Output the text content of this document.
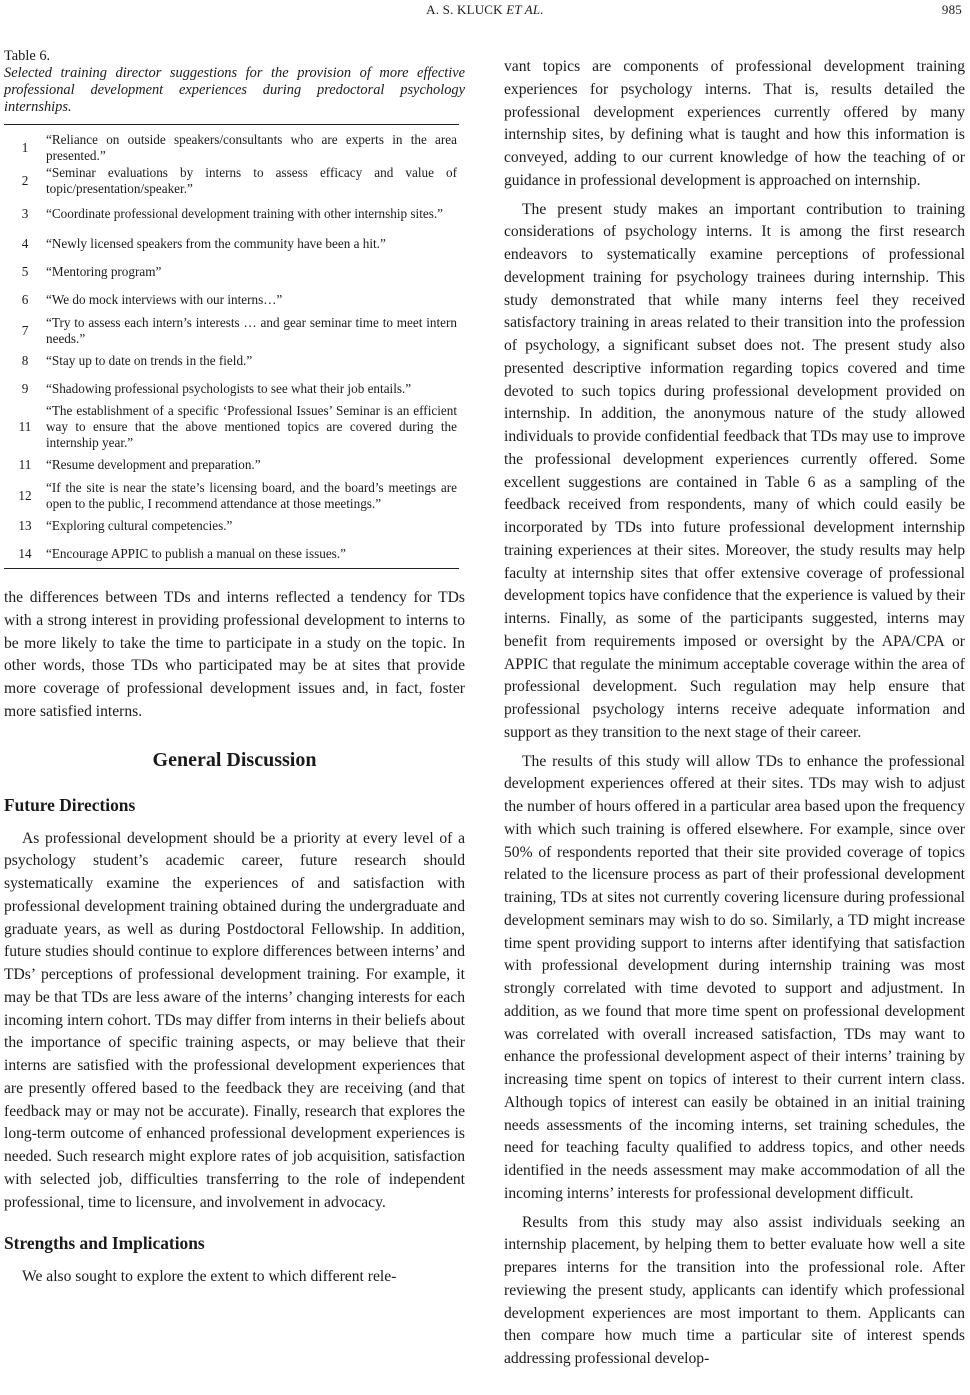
A. S. KLUCK ET AL.	985
Table 6.
Selected training director suggestions for the provision of more effective professional development experiences during predoctoral psychology internships.
1	“Reliance on outside speakers/consultants who are experts in the area presented.”
2	“Seminar evaluations by interns to assess efficacy and value of topic/presentation/speaker.”
3	“Coordinate professional development training with other internship sites.”
4	“Newly licensed speakers from the community have been a hit.”
5	“Mentoring program”
6	“We do mock interviews with our interns…”
7	“Try to assess each intern’s interests … and gear seminar time to meet intern needs.”
8	“Stay up to date on trends in the field.”
9	“Shadowing professional psychologists to see what their job entails.”
11	“The establishment of a specific ‘Professional Issues’ Seminar is an efficient way to ensure that the above mentioned topics are covered during the internship year.”
11	“Resume development and preparation.”
12	“If the site is near the state’s licensing board, and the board’s meetings are open to the public, I recommend attendance at those meetings.”
13	“Exploring cultural competencies.”
14	“Encourage APPIC to publish a manual on these issues.”

the differences between TDs and interns reflected a tendency for TDs with a strong interest in providing professional development to interns to be more likely to take the time to participate in a study on the topic. In other words, those TDs who participated may be at sites that provide more coverage of professional development issues and, in fact, foster more satisfied interns.

General Discussion
Future Directions

As professional development should be a priority at every level of a psychology student’s academic career, future research should systematically examine the experiences of and satisfaction with professional development training obtained during the undergraduate and graduate years, as well as during Postdoctoral Fellowship. In addition, future studies should continue to explore differences between interns’ and TDs’ perceptions of professional development training. For example, it may be that TDs are less aware of the interns’ changing interests for each incoming intern cohort. TDs may differ from interns in their beliefs about the importance of specific training aspects, or may believe that their interns are satisfied with the professional development experiences that are presently offered based to the feedback they are receiving (and that feedback may or may not be accurate). Finally, research that explores the long-term outcome of enhanced professional development experiences is needed. Such research might explore rates of job acquisition, satisfaction with selected job, difficulties transferring to the role of independent professional, time to licensure, and involvement in advocacy.

Strengths and Implications

We also sought to explore the extent to which different rele-

vant topics are components of professional development training experiences for psychology interns. That is, results detailed the professional development experiences currently offered by many internship sites, by defining what is taught and how this information is conveyed, adding to our current knowledge of how the teaching of or guidance in professional development is approached on internship.

The present study makes an important contribution to training considerations of psychology interns. It is among the first research endeavors to systematically examine perceptions of professional development training for psychology trainees during internship. This study demonstrated that while many interns feel they received satisfactory training in areas related to their transition into the profession of psychology, a significant subset does not. The present study also presented descriptive information regarding topics covered and time devoted to such topics during professional development provided on internship. In addition, the anonymous nature of the study allowed individuals to provide confidential feedback that TDs may use to improve the professional development experiences currently offered. Some excellent suggestions are contained in Table 6 as a sampling of the feedback received from respondents, many of which could easily be incorporated by TDs into future professional development internship training experiences at their sites. Moreover, the study results may help faculty at internship sites that offer extensive coverage of professional development topics have confidence that the experience is valued by their interns. Finally, as some of the participants suggested, interns may benefit from requirements imposed or oversight by the APA/CPA or APPIC that regulate the minimum acceptable coverage within the area of professional development. Such regulation may help ensure that professional psychology interns receive adequate information and support as they transition to the next stage of their career.

The results of this study will allow TDs to enhance the professional development experiences offered at their sites. TDs may wish to adjust the number of hours offered in a particular area based upon the frequency with which such training is offered elsewhere. For example, since over 50% of respondents reported that their site provided coverage of topics related to the licensure process as part of their professional development training, TDs at sites not currently covering licensure during professional development seminars may wish to do so. Similarly, a TD might increase time spent providing support to interns after identifying that satisfaction with professional development during internship training was most strongly correlated with time devoted to support and adjustment. In addition, as we found that more time spent on professional development was correlated with overall increased satisfaction, TDs may want to enhance the professional development aspect of their interns’ training by increasing time spent on topics of interest to their current intern class. Although topics of interest can easily be obtained in an initial training needs assessments of the incoming interns, set training schedules, the need for teaching faculty qualified to address topics, and other needs identified in the needs assessment may make accommodation of all the incoming interns’ interests for professional development difficult.

Results from this study may also assist individuals seeking an internship placement, by helping them to better evaluate how well a site prepares interns for the transition into the professional role. After reviewing the present study, applicants can identify which professional development experiences are most important to them. Applicants can then compare how much time a particular site of interest spends addressing professional develop-
